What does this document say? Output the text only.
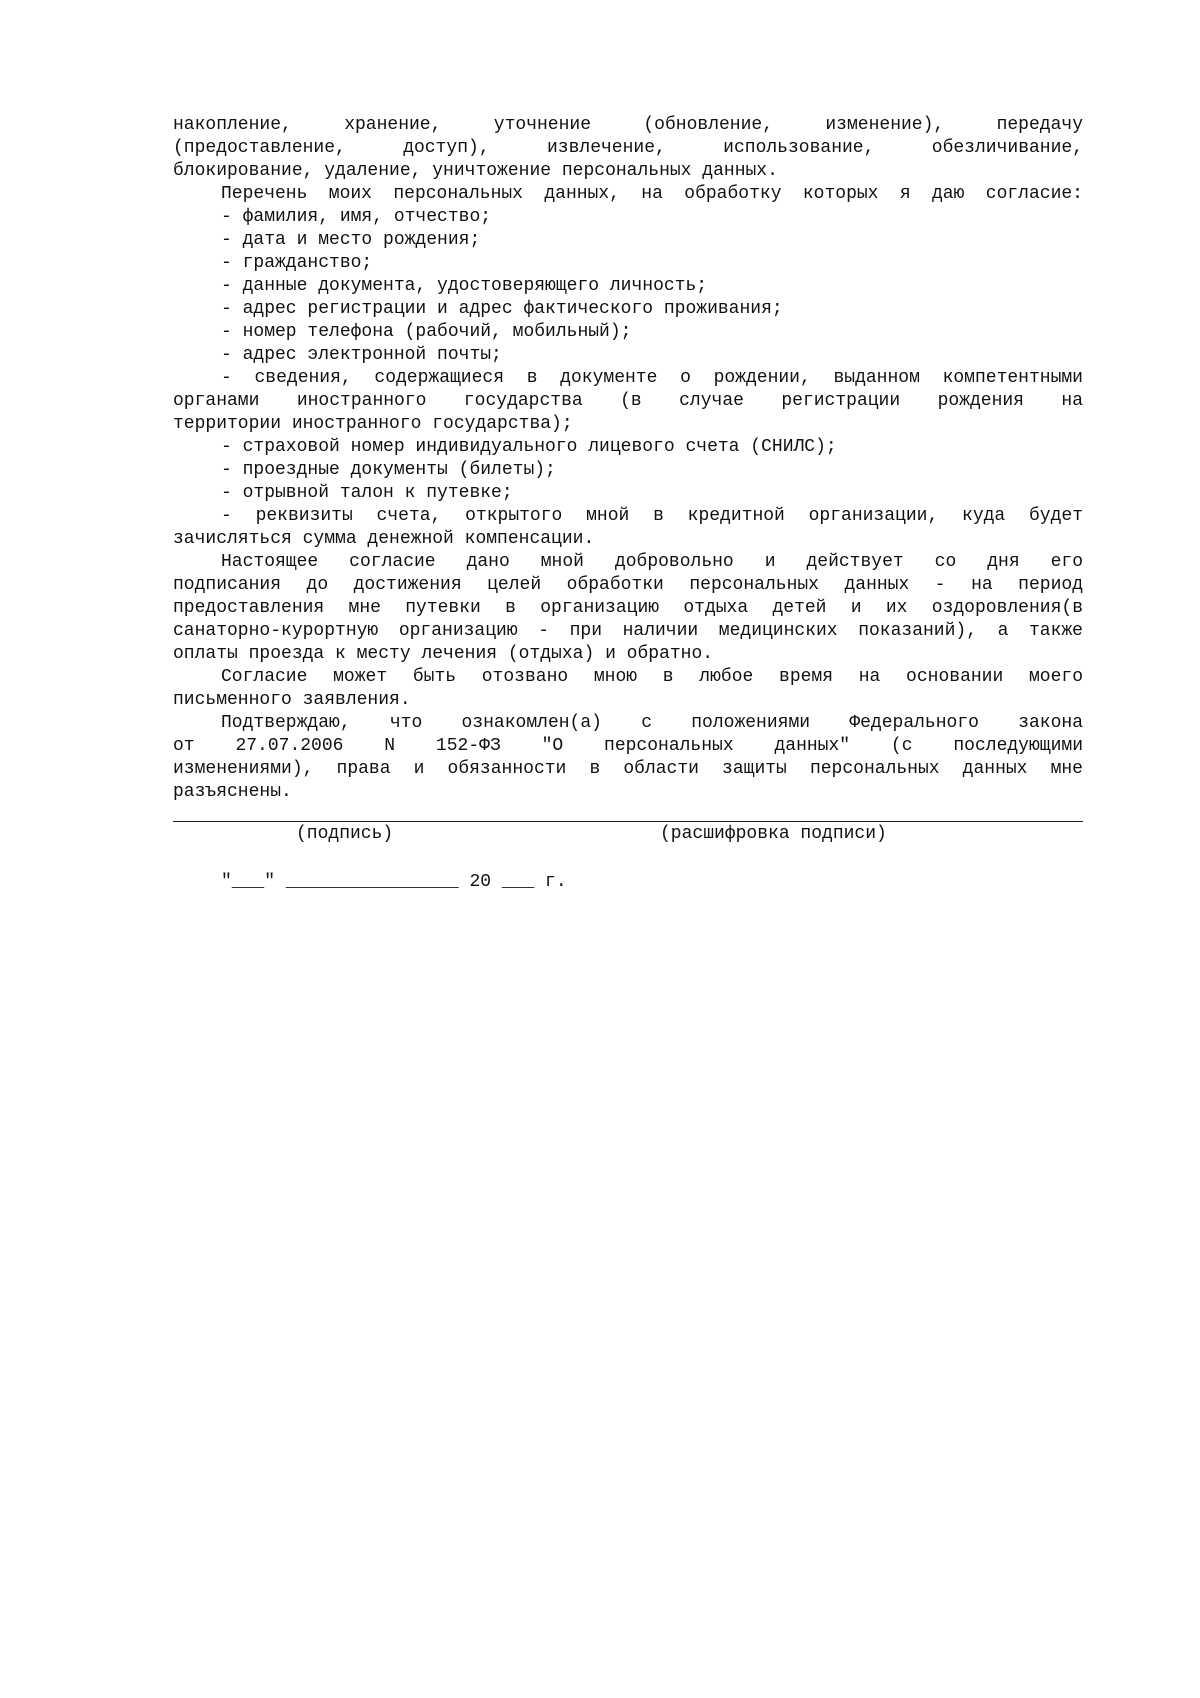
накопление, хранение, уточнение (обновление, изменение), передачу
(предоставление, доступ), извлечение, использование, обезличивание,
блокирование, удаление, уничтожение персональных данных.
Перечень моих персональных данных, на обработку которых я даю согласие:
- фамилия, имя, отчество;
- дата и место рождения;
- гражданство;
- данные документа, удостоверяющего личность;
- адрес регистрации и адрес фактического проживания;
- номер телефона (рабочий, мобильный);
- адрес электронной почты;
- сведения, содержащиеся в документе о рождении, выданном компетентными
органами иностранного государства (в случае регистрации рождения на
территории иностранного государства);
- страховой номер индивидуального лицевого счета (СНИЛС);
- проездные документы (билеты);
- отрывной талон к путевке;
- реквизиты счета, открытого мной в кредитной организации, куда будет
зачисляться сумма денежной компенсации.
Настоящее согласие дано мной добровольно и действует со дня его
подписания до достижения целей обработки персональных данных - на период
предоставления мне путевки в организацию отдыха детей и их оздоровления(в
санаторно-курортную организацию - при наличии медицинских показаний), а также
оплаты проезда к месту лечения (отдыха) и обратно.
Согласие может быть отозвано мною в любое время на основании моего
письменного заявления.
Подтверждаю, что ознакомлен(а) с положениями Федерального закона
от 27.07.2006 N 152-ФЗ "О персональных данных" (с последующими
изменениями), права и обязанности в области защиты персональных данных мне
разъяснены.
(подпись)	(расшифровка подписи)
"___" ________________ 20 ___ г.
